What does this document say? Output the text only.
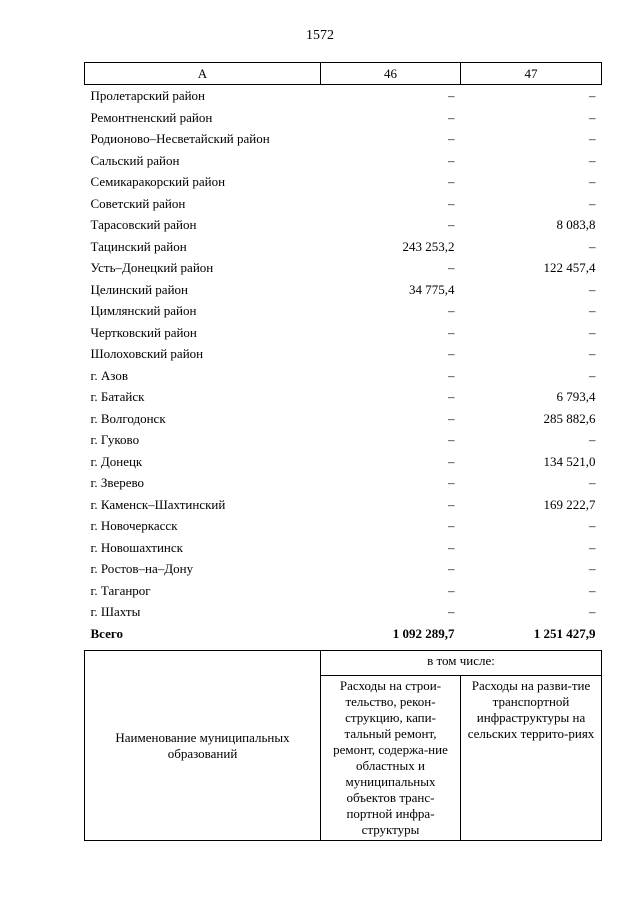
1572
A	46	47
Пролетарский район	–	–
Ремонтненский район	–	–
Родионово–Несветайский район	–	–
Сальский район	–	–
Семикаракорский район	–	–
Советский район	–	–
Тарасовский район	–	8 083,8
Тацинский район	243 253,2	–
Усть–Донецкий район	–	122 457,4
Целинский район	34 775,4	–
Цимлянский район	–	–
Чертковский район	–	–
Шолоховский район	–	–
г. Азов	–	–
г. Батайск	–	6 793,4
г. Волгодонск	–	285 882,6
г. Гуково	–	–
г. Донецк	–	134 521,0
г. Зверево	–	–
г. Каменск–Шахтинский	–	169 222,7
г. Новочеркасск	–	–
г. Новошахтинск	–	–
г. Ростов–на–Дону	–	–
г. Таганрог	–	–
г. Шахты	–	–
Всего	1 092 289,7	1 251 427,9
Наименование муниципальных образований	в том числе:	
	Расходы на строи-тельство, рекон-струкцию, капи-тальный ремонт, ремонт, содержа-ние областных и муниципальных объектов транс-портной инфра-структуры	Расходы на разви-тие транспортной инфраструктуры на сельских террито-риях
